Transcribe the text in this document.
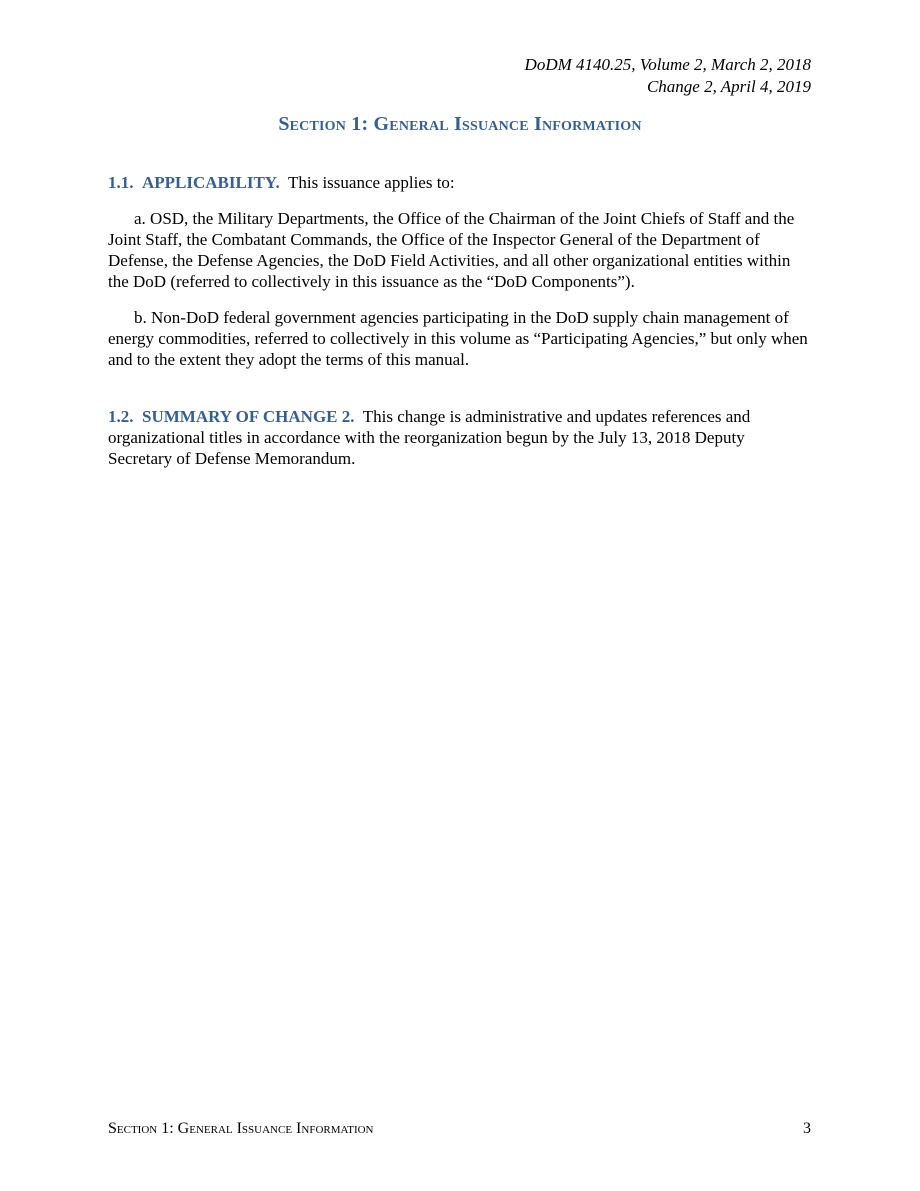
DoDM 4140.25, Volume 2, March 2, 2018
Change 2, April 4, 2019
Section 1: General Issuance Information

1.1. APPLICABILITY. This issuance applies to:

a. OSD, the Military Departments, the Office of the Chairman of the Joint Chiefs of Staff and the Joint Staff, the Combatant Commands, the Office of the Inspector General of the Department of Defense, the Defense Agencies, the DoD Field Activities, and all other organizational entities within the DoD (referred to collectively in this issuance as the “DoD Components”).

b. Non-DoD federal government agencies participating in the DoD supply chain management of energy commodities, referred to collectively in this volume as “Participating Agencies,” but only when and to the extent they adopt the terms of this manual.

1.2. SUMMARY OF CHANGE 2. This change is administrative and updates references and organizational titles in accordance with the reorganization begun by the July 13, 2018 Deputy Secretary of Defense Memorandum.

Section 1: General Issuance Information	3
